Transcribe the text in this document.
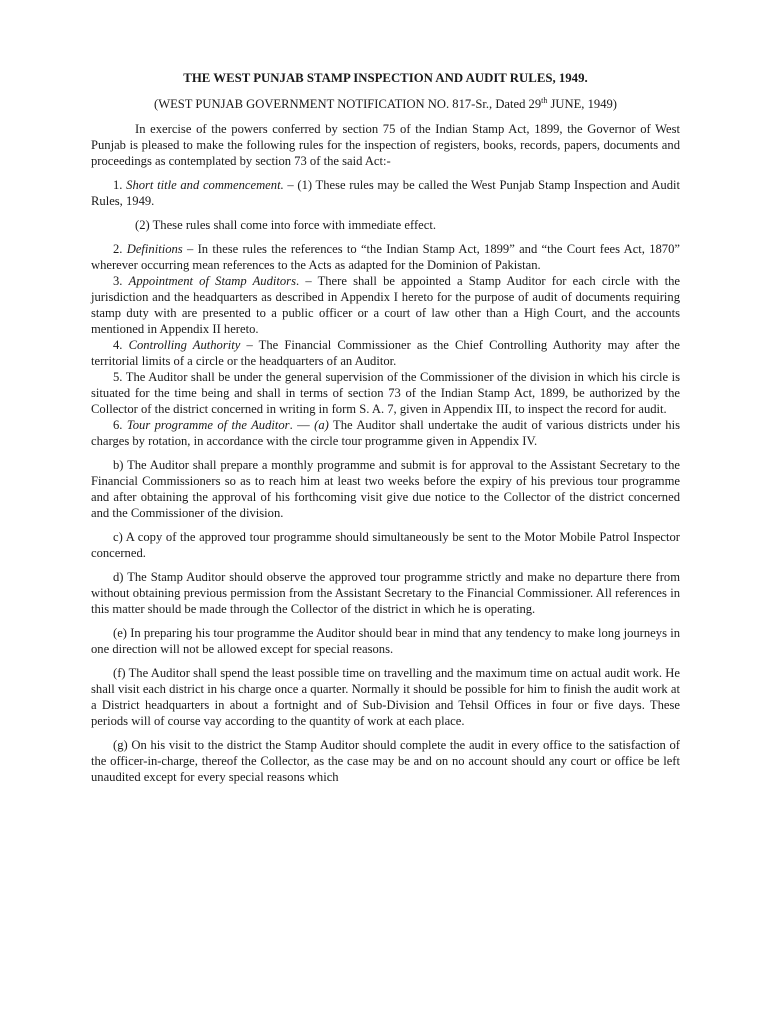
THE WEST PUNJAB STAMP INSPECTION AND AUDIT RULES, 1949.

(WEST PUNJAB GOVERNMENT NOTIFICATION NO. 817-Sr., Dated 29th JUNE, 1949)

In exercise of the powers conferred by section 75 of the Indian Stamp Act, 1899, the Governor of West Punjab is pleased to make the following rules for the inspection of registers, books, records, papers, documents and proceedings as contemplated by section 73 of the said Act:-

1. Short title and commencement. – (1) These rules may be called the West Punjab Stamp Inspection and Audit Rules, 1949.

(2) These rules shall come into force with immediate effect.

2. Definitions – In these rules the references to “the Indian Stamp Act, 1899” and “the Court fees Act, 1870” wherever occurring mean references to the Acts as adapted for the Dominion of Pakistan.

3. Appointment of Stamp Auditors. – There shall be appointed a Stamp Auditor for each circle with the jurisdiction and the headquarters as described in Appendix I hereto for the purpose of audit of documents requiring stamp duty with are presented to a public officer or a court of law other than a High Court, and the accounts mentioned in Appendix II hereto.

4. Controlling Authority – The Financial Commissioner as the Chief Controlling Authority may after the territorial limits of a circle or the headquarters of an Auditor.

5. The Auditor shall be under the general supervision of the Commissioner of the division in which his circle is situated for the time being and shall in terms of section 73 of the Indian Stamp Act, 1899, be authorized by the Collector of the district concerned in writing in form S. A. 7, given in Appendix III, to inspect the record for audit.

6. Tour programme of the Auditor. — (a) The Auditor shall undertake the audit of various districts under his charges by rotation, in accordance with the circle tour programme given in Appendix IV.

b) The Auditor shall prepare a monthly programme and submit is for approval to the Assistant Secretary to the Financial Commissioners so as to reach him at least two weeks before the expiry of his previous tour programme and after obtaining the approval of his forthcoming visit give due notice to the Collector of the district concerned and the Commissioner of the division.

c) A copy of the approved tour programme should simultaneously be sent to the Motor Mobile Patrol Inspector concerned.

d) The Stamp Auditor should observe the approved tour programme strictly and make no departure there from without obtaining previous permission from the Assistant Secretary to the Financial Commissioner. All references in this matter should be made through the Collector of the district in which he is operating.

(e) In preparing his tour programme the Auditor should bear in mind that any tendency to make long journeys in one direction will not be allowed except for special reasons.

(f) The Auditor shall spend the least possible time on travelling and the maximum time on actual audit work. He shall visit each district in his charge once a quarter. Normally it should be possible for him to finish the audit work at a District headquarters in about a fortnight and of Sub-Division and Tehsil Offices in four or five days. These periods will of course vay according to the quantity of work at each place.

(g) On his visit to the district the Stamp Auditor should complete the audit in every office to the satisfaction of the officer-in-charge, thereof the Collector, as the case may be and on no account should any court or office be left unaudited except for every special reasons which
